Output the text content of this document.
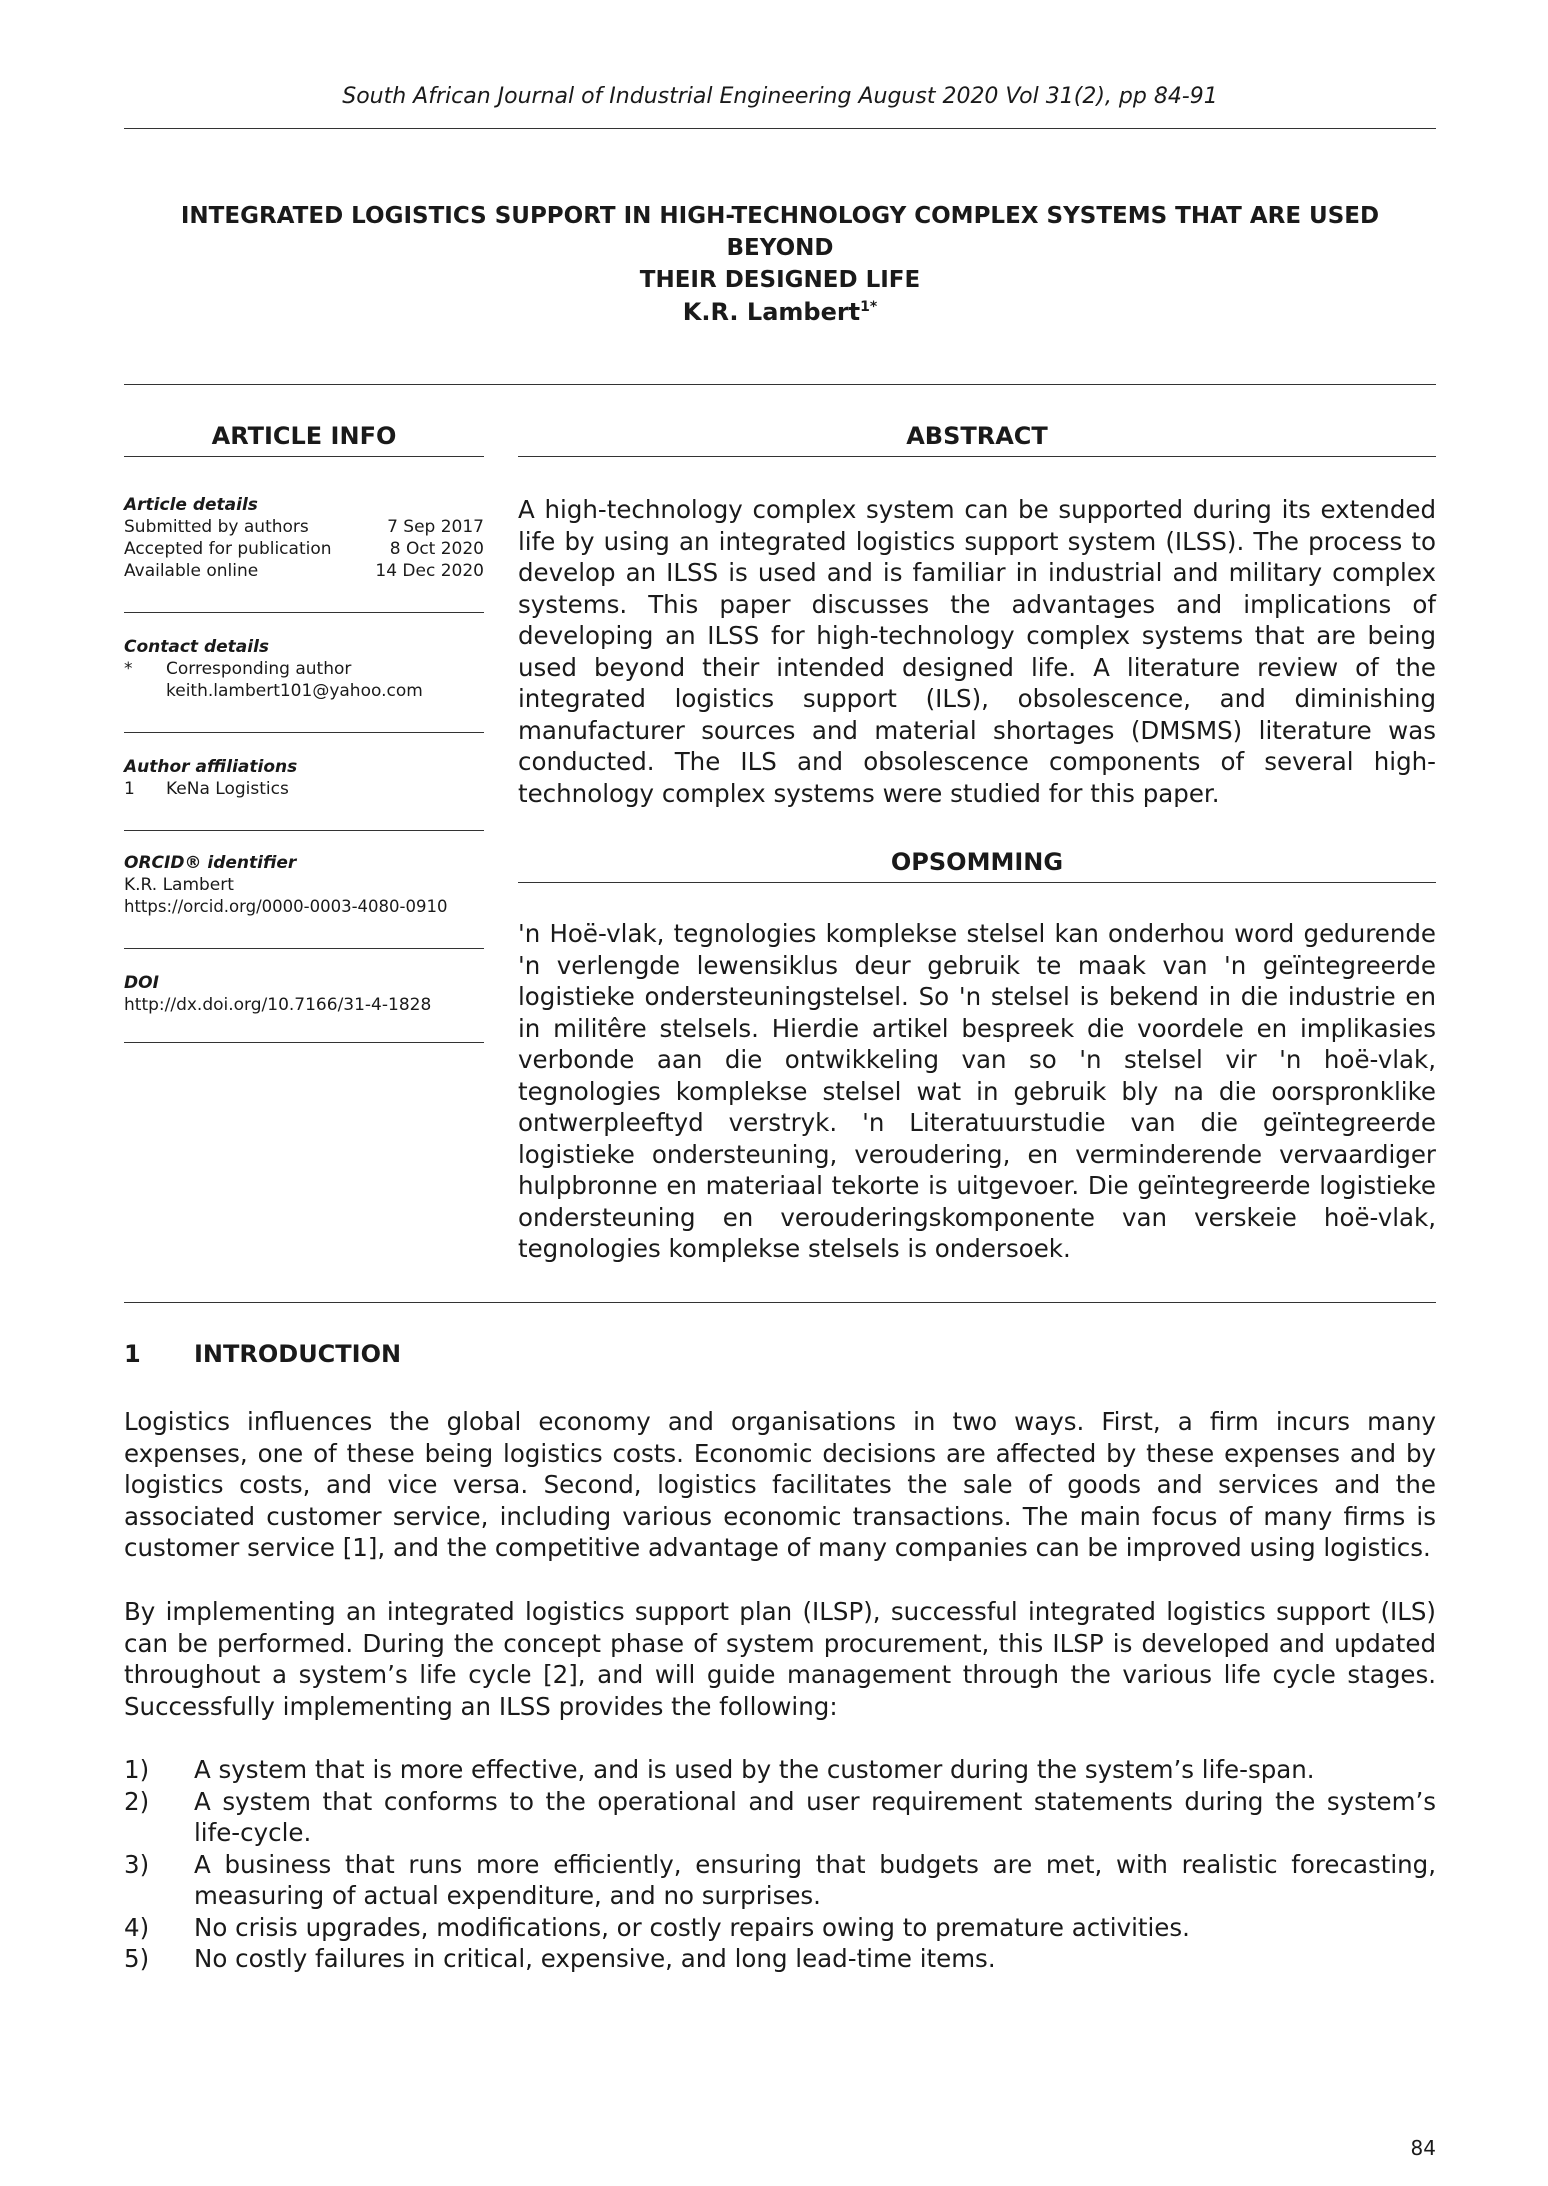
South African Journal of Industrial Engineering August 2020 Vol 31(2), pp 84-91
INTEGRATED LOGISTICS SUPPORT IN HIGH-TECHNOLOGY COMPLEX SYSTEMS THAT ARE USED BEYOND
THEIR DESIGNED LIFE
K.R. Lambert$^{1*}$
ARTICLE INFO	ABSTRACT
Article details
Submitted by authors	7 Sep 2017
Accepted for publication	8 Oct 2020
Available online	14 Dec 2020
Contact details
*	Corresponding author
keith.lambert101@yahoo.com
Author affiliations
1	KeNa Logistics
ORCID® identifier
K.R. Lambert
https://orcid.org/0000-0003-4080-0910
DOI
http://dx.doi.org/10.7166/31-4-1828
A high-technology complex system can be supported during its extended life by using an integrated logistics support system (ILSS). The process to develop an ILSS is used and is familiar in industrial and military complex systems. This paper discusses the advantages and implications of developing an ILSS for high-technology complex systems that are being used beyond their intended designed life. A literature review of the integrated logistics support (ILS), obsolescence, and diminishing manufacturer sources and material shortages (DMSMS) literature was conducted. The ILS and obsolescence components of several high-technology complex systems were studied for this paper.
OPSOMMING
'n Hoë-vlak, tegnologies komplekse stelsel kan onderhou word gedurende 'n verlengde lewensiklus deur gebruik te maak van 'n geïntegreerde logistieke ondersteuningstelsel. So 'n stelsel is bekend in die industrie en in militêre stelsels. Hierdie artikel bespreek die voordele en implikasies verbonde aan die ontwikkeling van so 'n stelsel vir 'n hoë-vlak, tegnologies komplekse stelsel wat in gebruik bly na die oorspronklike ontwerpleeftyd verstryk. 'n Literatuurstudie van die geïntegreerde logistieke ondersteuning, veroudering, en verminderende vervaardiger hulpbronne en materiaal tekorte is uitgevoer. Die geïntegreerde logistieke ondersteuning en verouderingskomponente van verskeie hoë-vlak, tegnologies komplekse stelsels is ondersoek.
1 INTRODUCTION
Logistics influences the global economy and organisations in two ways. First, a firm incurs many expenses, one of these being logistics costs. Economic decisions are affected by these expenses and by logistics costs, and vice versa. Second, logistics facilitates the sale of goods and services and the associated customer service, including various economic transactions. The main focus of many firms is customer service [1], and the competitive advantage of many companies can be improved using logistics.
By implementing an integrated logistics support plan (ILSP), successful integrated logistics support (ILS) can be performed. During the concept phase of system procurement, this ILSP is developed and updated throughout a system’s life cycle [2], and will guide management through the various life cycle stages. Successfully implementing an ILSS provides the following:
1)	A system that is more effective, and is used by the customer during the system’s life-span.
2)	A system that conforms to the operational and user requirement statements during the system’s life-cycle.
3)	A business that runs more efficiently, ensuring that budgets are met, with realistic forecasting, measuring of actual expenditure, and no surprises.
4)	No crisis upgrades, modifications, or costly repairs owing to premature activities.
5)	No costly failures in critical, expensive, and long lead-time items.
84
